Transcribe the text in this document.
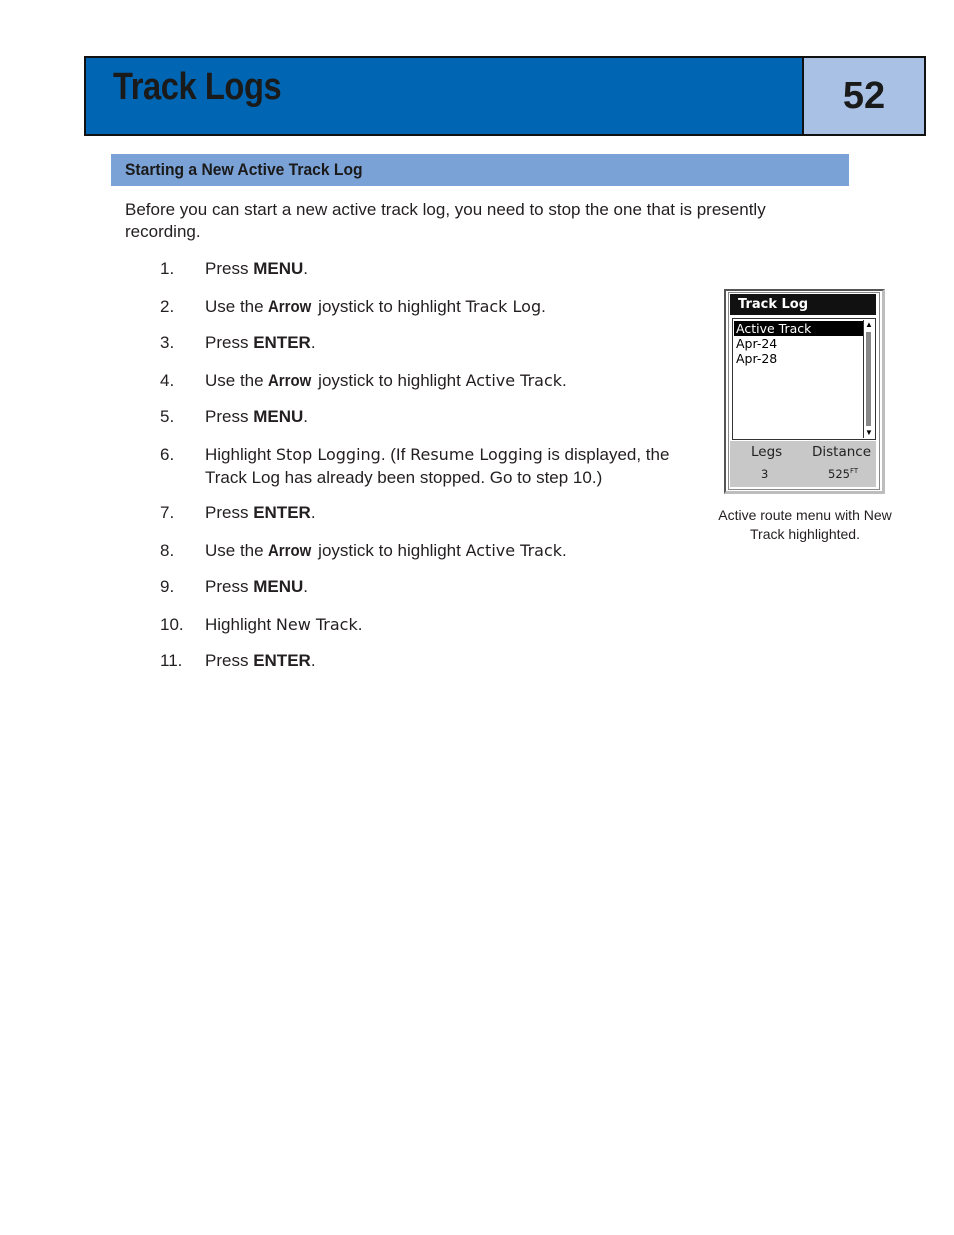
Track Logs	52
Starting a New Active Track Log

Before you can start a new active track log, you need to stop the one that is presently recording.

1.	Press MENU.
2.	Use the Arrow joystick to highlight Track Log.
3.	Press ENTER.
4.	Use the Arrow joystick to highlight Active Track.
5.	Press MENU.
6.	Highlight Stop Logging. (If Resume Logging is displayed, the Track Log has already been stopped. Go to step 10.)
7.	Press ENTER.
8.	Use the Arrow joystick to highlight Active Track.
9.	Press MENU.
10.	Highlight New Track.
11.	Press ENTER.
Track Log
Active Track
Apr-24
Apr-28
▲
▼
Legs Distance
3	$525^{FT}$
Active route menu with New Track highlighted.
